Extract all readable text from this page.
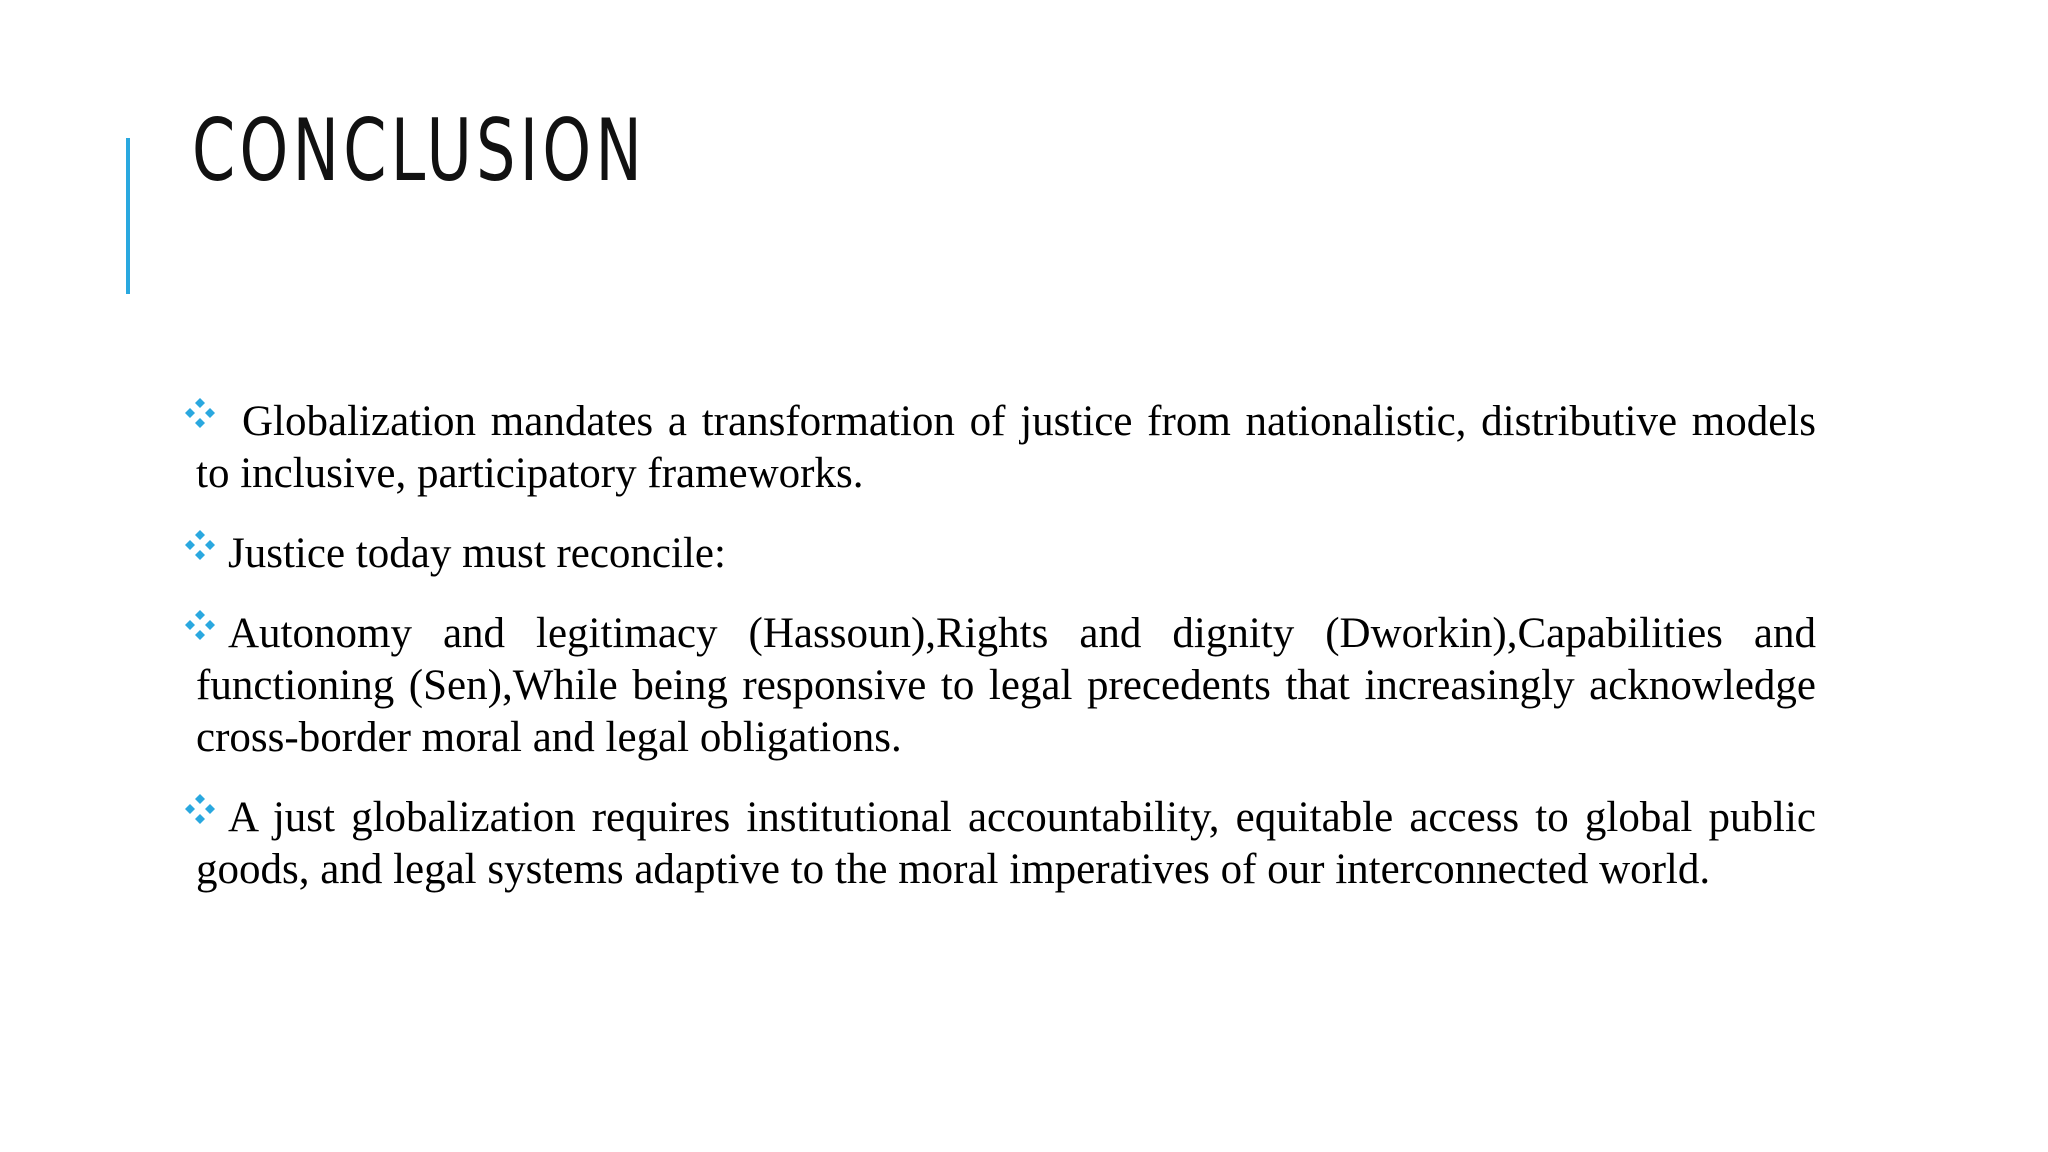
CONCLUSION

Globalization mandates a transformation of justice from nationalistic, distributive models to inclusive, participatory frameworks.

Justice today must reconcile:

Autonomy and legitimacy (Hassoun),Rights and dignity (Dworkin),Capabilities and functioning (Sen),While being responsive to legal precedents that increasingly acknowledge cross-border moral and legal obligations.

A just globalization requires institutional accountability, equitable access to global public goods, and legal systems adaptive to the moral imperatives of our interconnected world.
